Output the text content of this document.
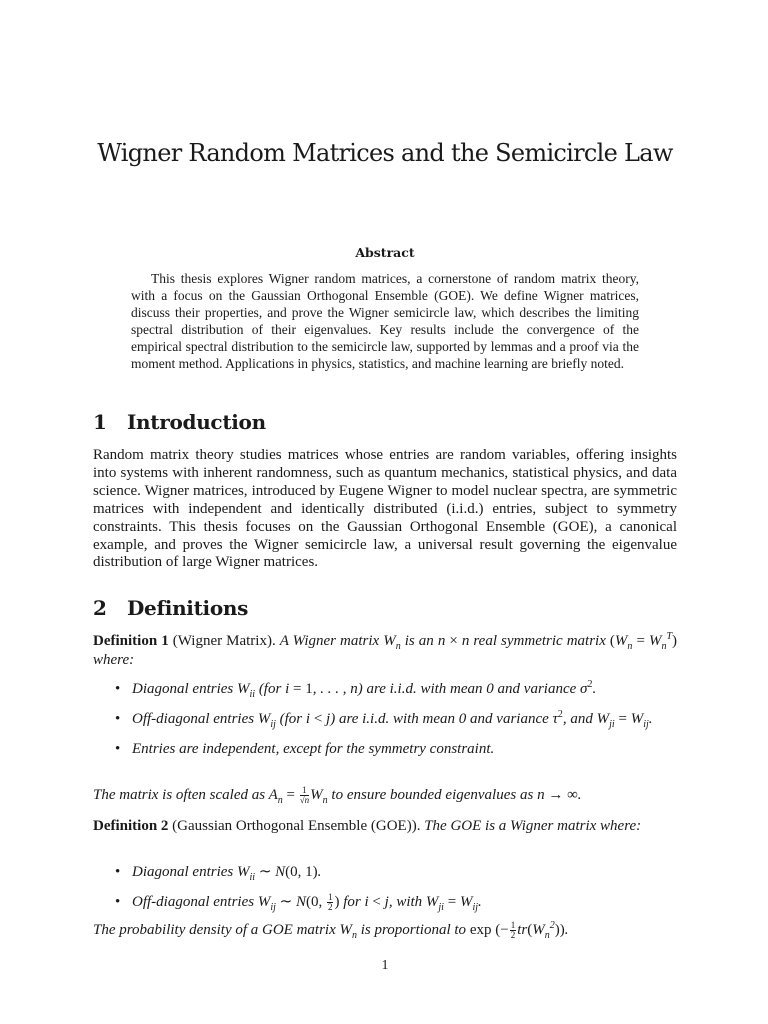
Wigner Random Matrices and the Semicircle Law
Abstract

This thesis explores Wigner random matrices, a cornerstone of random matrix theory, with a focus on the Gaussian Orthogonal Ensemble (GOE). We define Wigner matrices, discuss their properties, and prove the Wigner semicircle law, which describes the limiting spectral distribution of their eigenvalues. Key results include the convergence of the empirical spectral distribution to the semicircle law, supported by lemmas and a proof via the moment method. Applications in physics, statistics, and machine learning are briefly noted.

1 Introduction

Random matrix theory studies matrices whose entries are random variables, offering insights into systems with inherent randomness, such as quantum mechanics, statistical physics, and data science. Wigner matrices, introduced by Eugene Wigner to model nuclear spectra, are symmetric matrices with independent and identically distributed (i.i.d.) entries, subject to symmetry constraints. This thesis focuses on the Gaussian Orthogonal Ensemble (GOE), a canonical example, and proves the Wigner semicircle law, a universal result governing the eigenvalue distribution of large Wigner matrices.

2 Definitions

Definition 1 (Wigner Matrix). A Wigner matrix $W_n$ is an n × n real symmetric matrix $(W_n = W_n^T)$ where:

• Diagonal entries $W_{ii}$ (for i = 1, . . . , n) are i.i.d. with mean 0 and variance $\sigma^2$.
• Off-diagonal entries $W_{ij}$ (for i < j) are i.i.d. with mean 0 and variance $\tau^2$, and $W_{ji} = W_{ij}$.
• Entries are independent, except for the symmetry constraint.

The matrix is often scaled as $A_n = \frac{1}{√n} W_n$ to ensure bounded eigenvalues as n → ∞.

Definition 2 (Gaussian Orthogonal Ensemble (GOE)). The GOE is a Wigner matrix where:

• Diagonal entries $W_{ii}$ ∼ N(0, 1).
• Off-diagonal entries $W_{ij}$ ∼ N(0, $\frac{1}{2}$ ) for i < j, with $W_{ji} = W_{ij}$.

The probability density of a GOE matrix $W_n$ is proportional to exp (− $\frac{1}{2} tr(W_n^2)$).

1
